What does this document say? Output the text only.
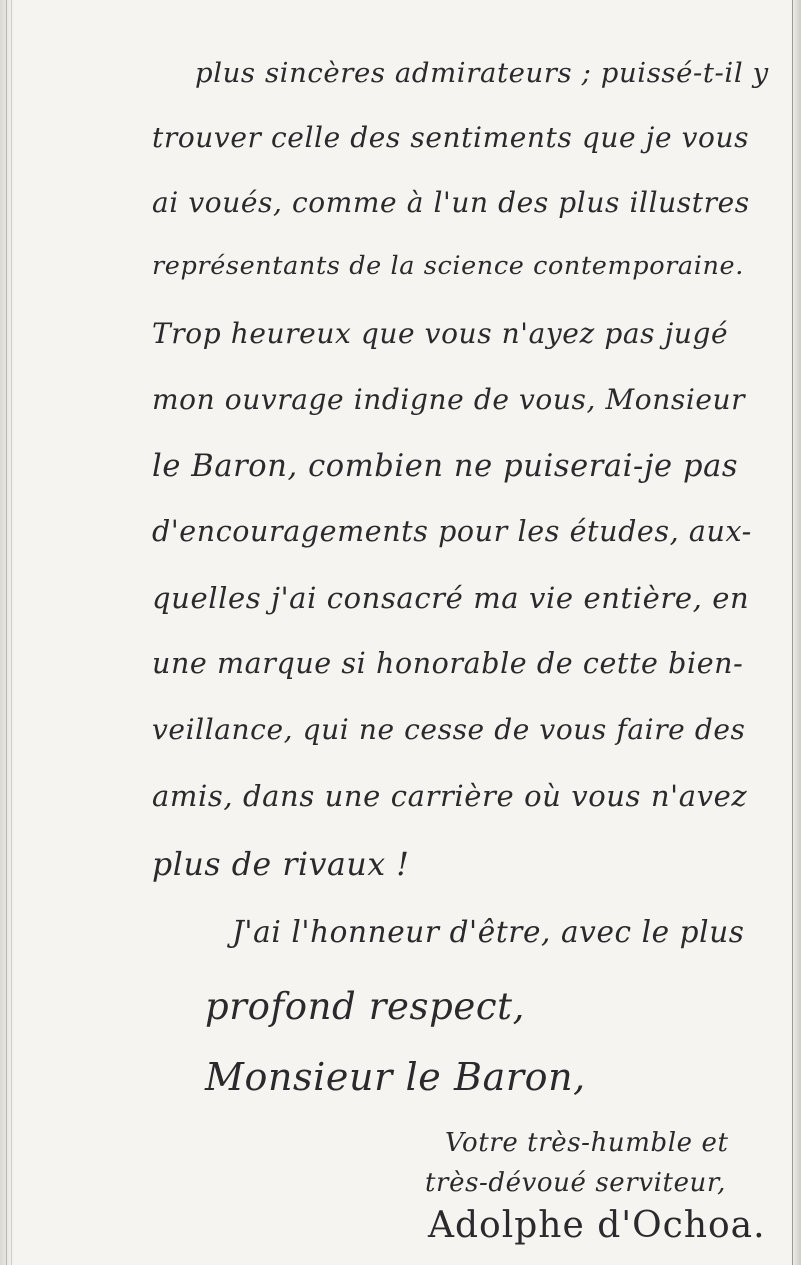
plus sincères admirateurs ; puissé-t-il y
trouver celle des sentiments que je vous
ai voués, comme à l'un des plus illustres
représentants de la science contemporaine.
Trop heureux que vous n'ayez pas jugé
mon ouvrage indigne de vous, Monsieur
le Baron, combien ne puiserai-je pas
d'encouragements pour les études, aux-
quelles j'ai consacré ma vie entière, en
une marque si honorable de cette bien-
veillance, qui ne cesse de vous faire des
amis, dans une carrière où vous n'avez
plus de rivaux !
J'ai l'honneur d'être, avec le plus
profond respect,
Monsieur le Baron,
Votre très-humble et
très-dévoué serviteur,
Adolphe d'Ochoa.
